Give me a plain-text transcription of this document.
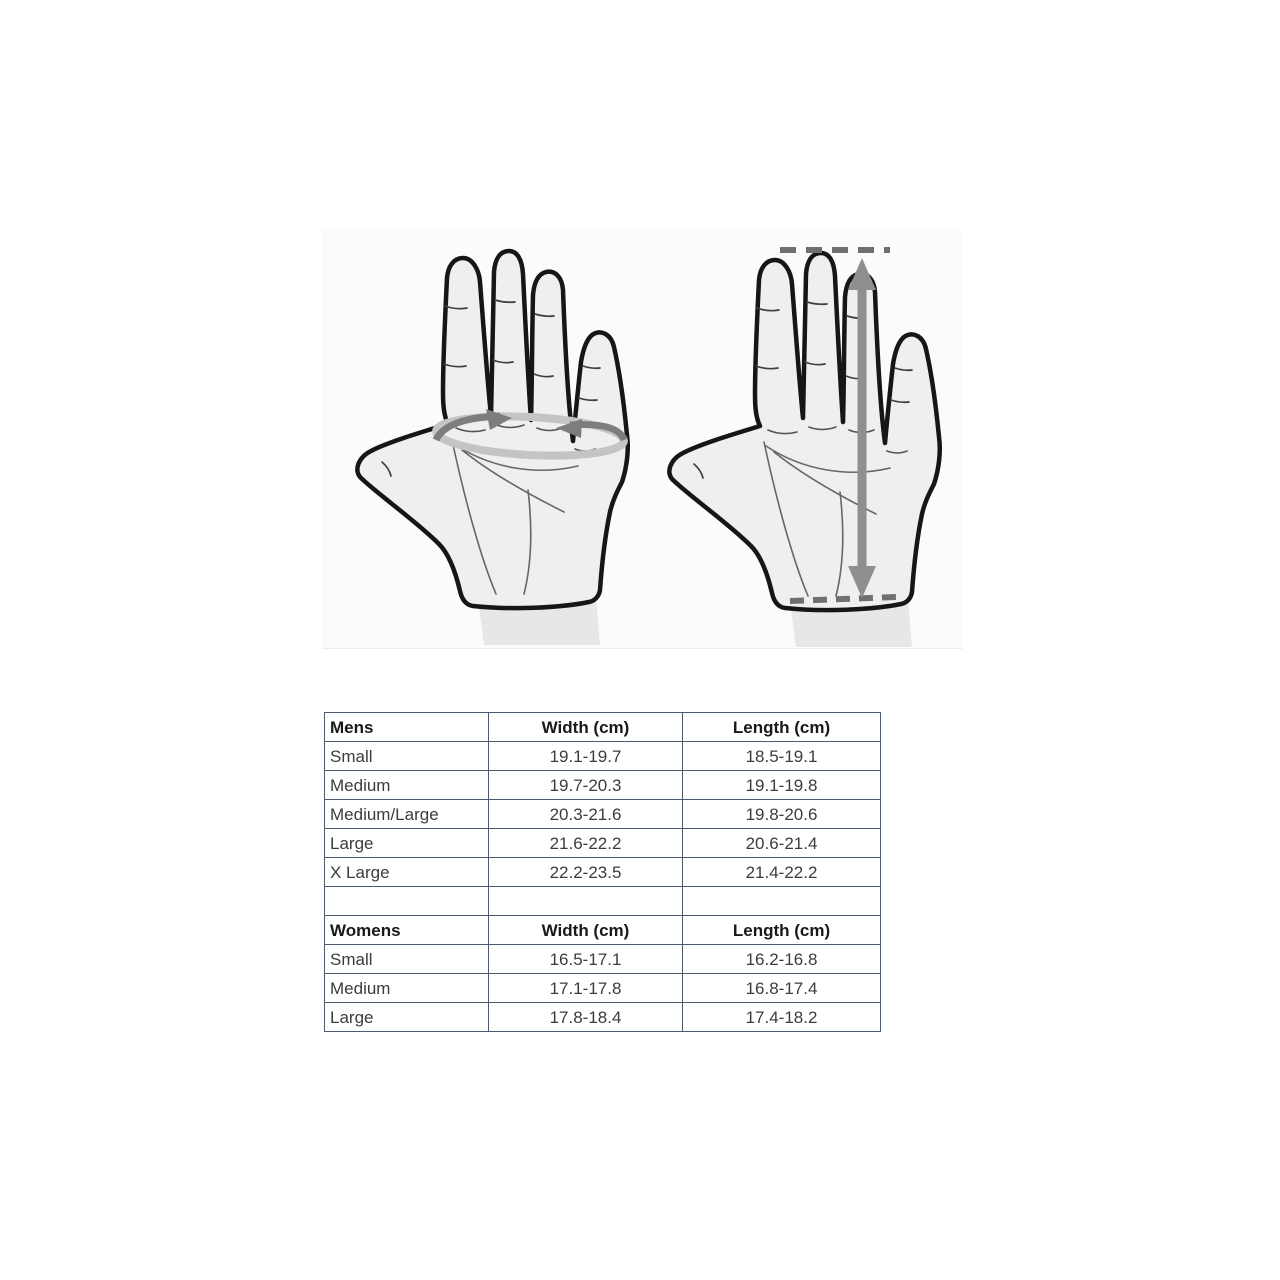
Mens	Width (cm)	Length (cm)
Small	19.1-19.7	18.5-19.1
Medium	19.7-20.3	19.1-19.8
Medium/Large	20.3-21.6	19.8-20.6
Large	21.6-22.2	20.6-21.4
X Large	22.2-23.5	21.4-22.2

Womens	Width (cm)	Length (cm)
Small	16.5-17.1	16.2-16.8
Medium	17.1-17.8	16.8-17.4
Large	17.8-18.4	17.4-18.2
